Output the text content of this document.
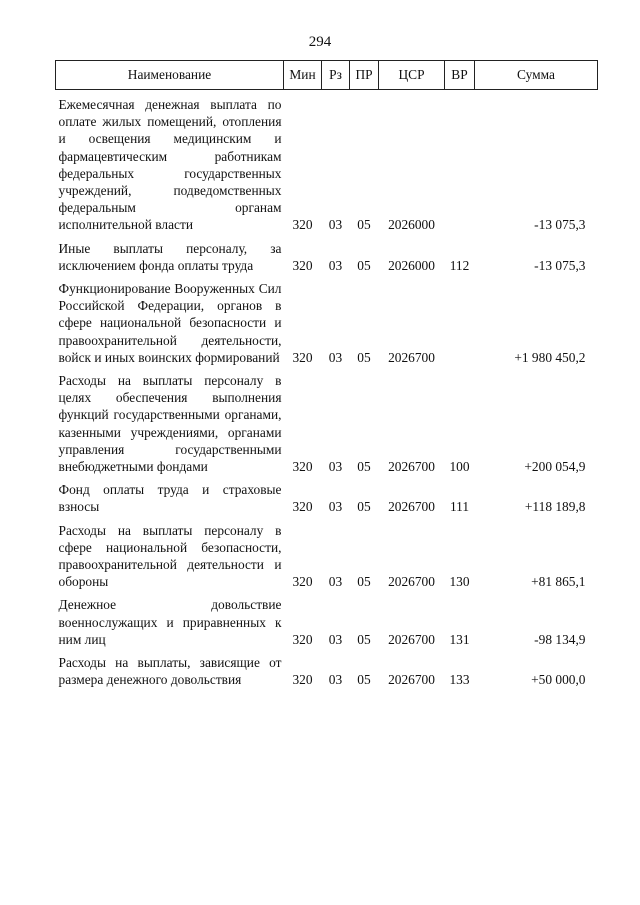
294
Наименование	Мин	Рз	ПР	ЦСР	ВР	Сумма
Ежемесячная денежная выплата по оплате жилых помещений, отопления и освещения медицинским и фармацевтическим работникам федеральных государственных учреждений, подведомственных федеральным органам исполнительной власти	320	03	05	2026000		-13 075,3
Иные выплаты персоналу, за исключением фонда оплаты труда	320	03	05	2026000	112	-13 075,3
Функционирование Вооруженных Сил Российской Федерации, органов в сфере национальной безопасности и правоохранительной деятельности, войск и иных воинских формирований	320	03	05	2026700		+1 980 450,2
Расходы на выплаты персоналу в целях обеспечения выполнения функций государственными органами, казенными учреждениями, органами управления государственными внебюджетными фондами	320	03	05	2026700	100	+200 054,9
Фонд оплаты труда и страховые взносы	320	03	05	2026700	111	+118 189,8
Расходы на выплаты персоналу в сфере национальной безопасности, правоохранительной деятельности и обороны	320	03	05	2026700	130	+81 865,1
Денежное довольствие военнослужащих и приравненных к ним лиц	320	03	05	2026700	131	-98 134,9
Расходы на выплаты, зависящие от размера денежного довольствия	320	03	05	2026700	133	+50 000,0
